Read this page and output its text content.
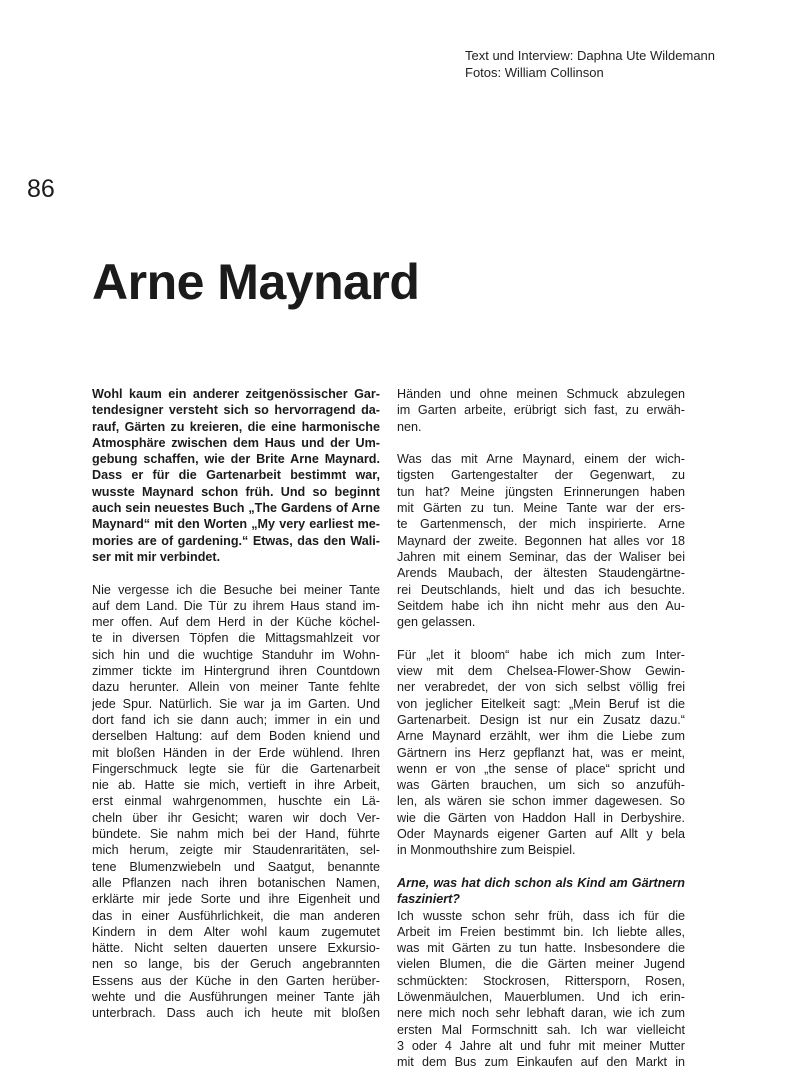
Text und Interview: Daphna Ute Wildemann
Fotos: William Collinson
86
Arne Maynard
Wohl kaum ein anderer zeitgenössischer Gar-
tendesigner versteht sich so hervorragend da-
rauf, Gärten zu kreieren, die eine harmonische
Atmosphäre zwischen dem Haus und der Um-
gebung schaffen, wie der Brite Arne Maynard.
Dass er für die Gartenarbeit bestimmt war,
wusste Maynard schon früh. Und so beginnt
auch sein neuestes Buch „The Gardens of Arne
Maynard“ mit den Worten „My very earliest me-
mories are of gardening.“ Etwas, das den Wali-
ser mit mir verbindet.
Nie vergesse ich die Besuche bei meiner Tante
auf dem Land. Die Tür zu ihrem Haus stand im-
mer offen. Auf dem Herd in der Küche köchel-
te in diversen Töpfen die Mittagsmahlzeit vor
sich hin und die wuchtige Standuhr im Wohn-
zimmer tickte im Hintergrund ihren Countdown
dazu herunter. Allein von meiner Tante fehlte
jede Spur. Natürlich. Sie war ja im Garten. Und
dort fand ich sie dann auch; immer in ein und
derselben Haltung: auf dem Boden kniend und
mit bloßen Händen in der Erde wühlend. Ihren
Fingerschmuck legte sie für die Gartenarbeit
nie ab. Hatte sie mich, vertieft in ihre Arbeit,
erst einmal wahrgenommen, huschte ein Lä-
cheln über ihr Gesicht; waren wir doch Ver-
bündete. Sie nahm mich bei der Hand, führte
mich herum, zeigte mir Staudenraritäten, sel-
tene Blumenzwiebeln und Saatgut, benannte
alle Pflanzen nach ihren botanischen Namen,
erklärte mir jede Sorte und ihre Eigenheit und
das in einer Ausführlichkeit, die man anderen
Kindern in dem Alter wohl kaum zugemutet
hätte. Nicht selten dauerten unsere Exkursio-
nen so lange, bis der Geruch angebrannten
Essens aus der Küche in den Garten herüber-
wehte und die Ausführungen meiner Tante jäh
unterbrach. Dass auch ich heute mit bloßen
Händen und ohne meinen Schmuck abzulegen
im Garten arbeite, erübrigt sich fast, zu erwäh-
nen.
Was das mit Arne Maynard, einem der wich-
tigsten Gartengestalter der Gegenwart, zu
tun hat? Meine jüngsten Erinnerungen haben
mit Gärten zu tun. Meine Tante war der ers-
te Gartenmensch, der mich inspirierte. Arne
Maynard der zweite. Begonnen hat alles vor 18
Jahren mit einem Seminar, das der Waliser bei
Arends Maubach, der ältesten Staudengärtne-
rei Deutschlands, hielt und das ich besuchte.
Seitdem habe ich ihn nicht mehr aus den Au-
gen gelassen.
Für „let it bloom“ habe ich mich zum Inter-
view mit dem Chelsea-Flower-Show Gewin-
ner verabredet, der von sich selbst völlig frei
von jeglicher Eitelkeit sagt: „Mein Beruf ist die
Gartenarbeit. Design ist nur ein Zusatz dazu.“
Arne Maynard erzählt, wer ihm die Liebe zum
Gärtnern ins Herz gepflanzt hat, was er meint,
wenn er von „the sense of place“ spricht und
was Gärten brauchen, um sich so anzufüh-
len, als wären sie schon immer dagewesen. So
wie die Gärten von Haddon Hall in Derbyshire.
Oder Maynards eigener Garten auf Allt y bela
in Monmouthshire zum Beispiel.
Arne, was hat dich schon als Kind am Gärtnern
fasziniert?
Ich wusste schon sehr früh, dass ich für die
Arbeit im Freien bestimmt bin. Ich liebte alles,
was mit Gärten zu tun hatte. Insbesondere die
vielen Blumen, die die Gärten meiner Jugend
schmückten: Stockrosen, Rittersporn, Rosen,
Löwenmäulchen, Mauerblumen. Und ich erin-
nere mich noch sehr lebhaft daran, wie ich zum
ersten Mal Formschnitt sah. Ich war vielleicht
3 oder 4 Jahre alt und fuhr mit meiner Mutter
mit dem Bus zum Einkaufen auf den Markt in
